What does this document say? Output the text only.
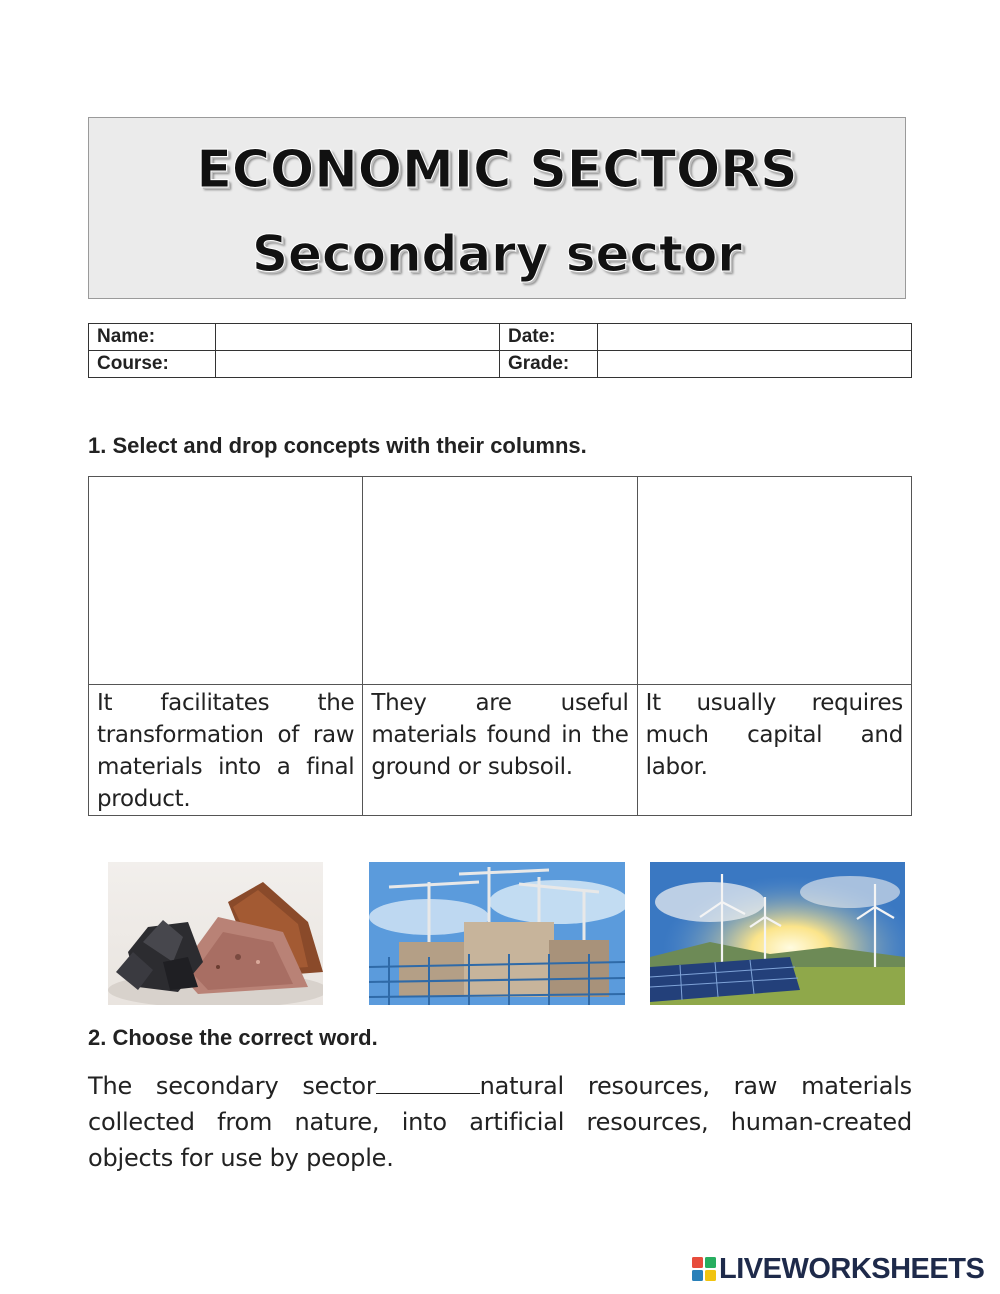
ECONOMIC SECTORS
Secondary sector
Name:		Date:	
Course:		Grade:	
1. Select and drop concepts with their columns.

It facilitates the transformation of raw materials into a final product.	They are useful materials found in the ground or subsoil.	It usually requires much capital and labor.
2. Choose the correct word.
The secondary sector	natural resources, raw materials collected from nature, into artificial resources, human-created objects for use by people.
LIVEWORKSHEETS
